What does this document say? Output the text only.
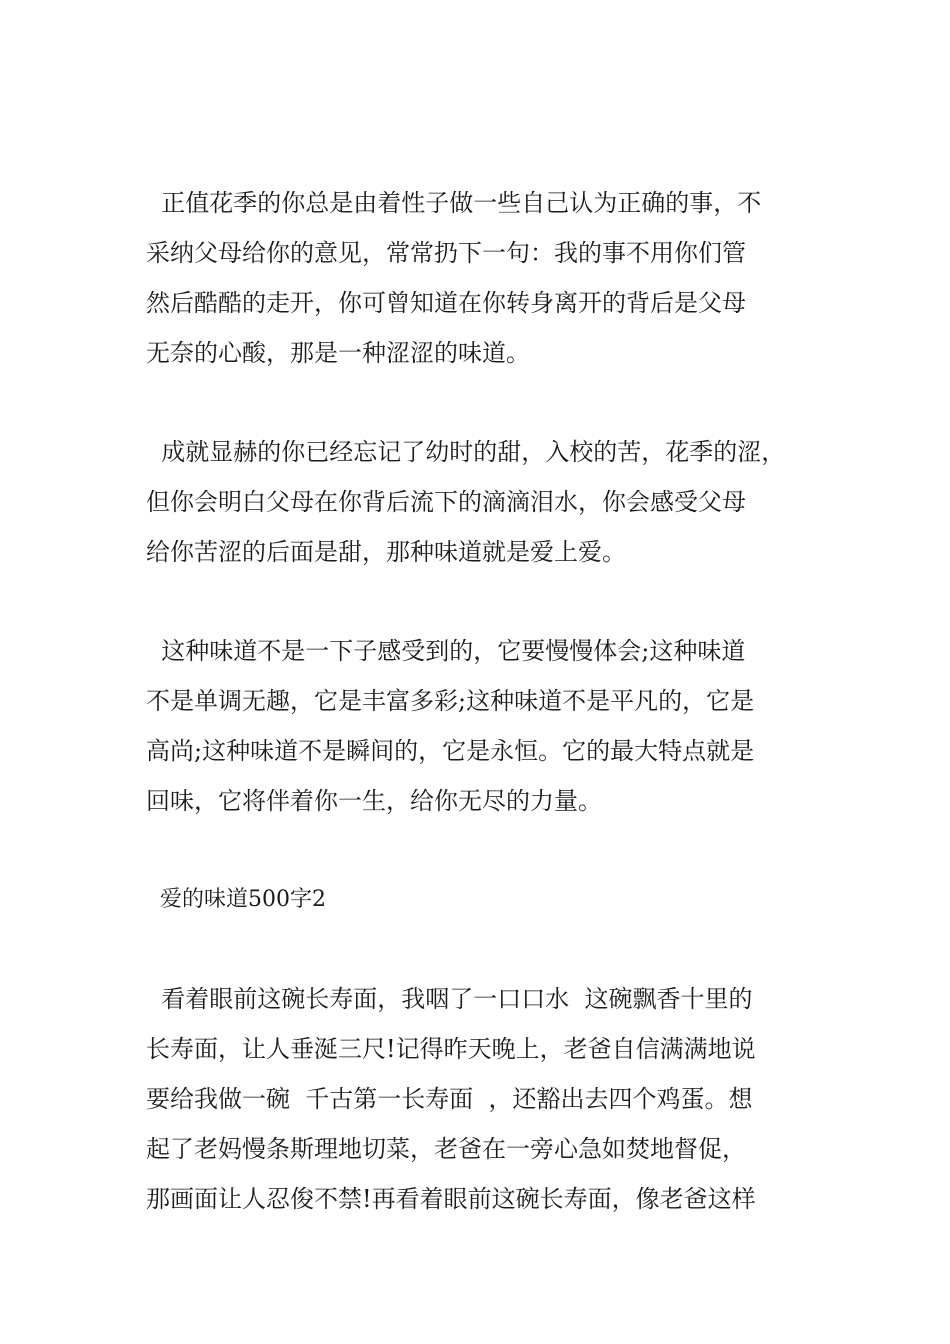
正值花季的你总是由着性子做一些自己认为正确的事，不
采纳父母给你的意见，常常扔下一句：我的事不用你们管
然后酷酷的走开，你可曾知道在你转身离开的背后是父母
无奈的心酸，那是一种涩涩的味道。
成就显赫的你已经忘记了幼时的甜，入校的苦，花季的涩，
但你会明白父母在你背后流下的滴滴泪水，你会感受父母
给你苦涩的后面是甜，那种味道就是爱上爱。
这种味道不是一下子感受到的，它要慢慢体会;这种味道
不是单调无趣，它是丰富多彩;这种味道不是平凡的，它是
高尚;这种味道不是瞬间的，它是永恒。它的最大特点就是
回味，它将伴着你一生，给你无尽的力量。
爱的味道500字2
看着眼前这碗长寿面，我咽了一口口水  这碗飘香十里的
长寿面，让人垂涎三尺!记得昨天晚上，老爸自信满满地说
要给我做一碗  千古第一长寿面  ，还豁出去四个鸡蛋。想
起了老妈慢条斯理地切菜，老爸在一旁心急如焚地督促，
那画面让人忍俊不禁!再看着眼前这碗长寿面，像老爸这样
